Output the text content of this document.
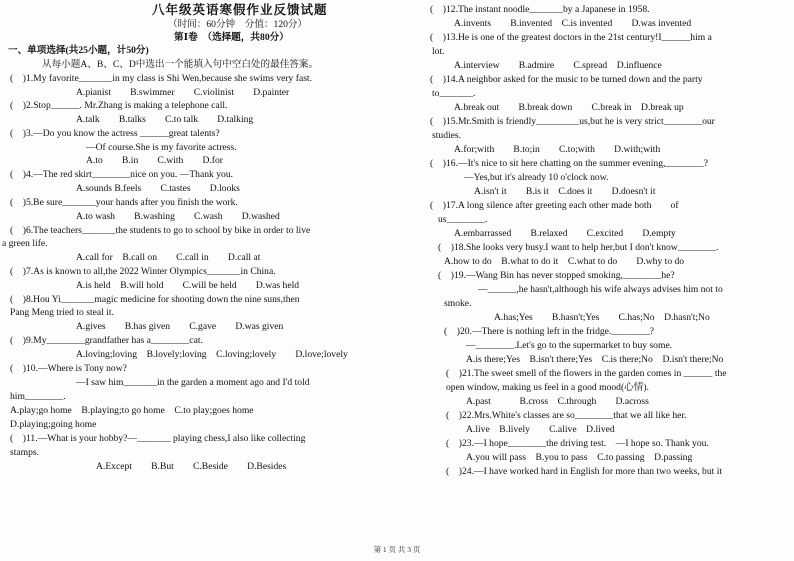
八年级英语寒假作业反馈试题
（时间：60分钟　分值：120分）
第Ⅰ卷　（选择题，共80分）
一、单项选择(共25小题，计50分)
从每小题A、B、C、D中选出一个能填入句中空白处的最佳答案。
(　)1.My favorite_______in my class is Shi Wen,because she swims very fast.
A.pianist　　B.swimmer　　C.violinist　　D.painter
(　)2.Stop______. Mr.Zhang is making a telephone call.
A.talk　　B.talks　　C.to talk　　D.talking
(　)3.—Do you know the actress ______great talents?
—Of course.She is my favorite actress.
A.to　　B.in　　C.with　　D.for
(　)4.—The red skirt________nice on you. —Thank you.
A.sounds B.feels　　C.tastes　　D.looks
(　)5.Be sure_______your hands after you finish the work.
A.to wash　　B.washing　　C.wash　　D.washed
(　)6.The teachers_______the students to go to school by bike in order to live
a green life.
A.call for　B.call on　　C.call in　　D.call at
(　)7.As is known to all,the 2022 Winter Olympics_______in China.
A.is held　B.will hold　　C.will be held　　D.was held
(　)8.Hou Yi_______magic medicine for shooting down the nine suns,then
Pang Meng tried to steal it.
A.gives　　B.has given　　C.gave　　D.was given
(　)9.My________grandfather has a________cat.
A.loving;loving　B.lovely;loving　C.loving;lovely　　D.love;lovely
(　)10.—Where is Tony now?
—I saw him_______in the garden a moment ago and I'd told
him________.
A.play;go home　B.playing;to go home　C.to play;goes home
D.playing;going home
(　)11.—What is your hobby?—_______ playing chess,I also like collecting
stamps.
A.Except　　B.But　　C.Beside　　D.Besides
(　)12.The instant noodle_______by a Japanese in 1958.
A.invents　　B.invented　C.is invented　　D.was invented
(　)13.He is one of the greatest doctors in the 21st century!I______him a
lot.
A.interview　　B.admire　　C.spread　D.influence
(　)14.A neighbor asked for the music to be turned down and the party
to_______.
A.break out　　B.break down　　C.break in　D.break up
(　)15.Mr.Smith is friendly_________us,but he is very strict________our
studies.
A.for;with　　B.to;in　　C.to;with　　D.with;with
(　)16.—It's nice to sit here chatting on the summer evening,________?
—Yes,but it's already 10 o'clock now.
A.isn't it　　B.is it　C.does it　　D.doesn't it
(　)17.A long silence after greeting each other made both　　of
us________.
A.embarrassed　　B.relaxed　　C.excited　　D.empty
(　)18.She looks very busy.I want to help her,but I don't know________.
A.how to do　B.what to do it　C.what to do　　D.why to do
(　)19.—Wang Bin has never stopped smoking,________he?
—______,he hasn't,although his wife always advises him not to
smoke.
A.has;Yes　　B.hasn't;Yes　　C.has;No　D.hasn't;No
(　)20.—There is nothing left in the fridge.________?
—________.Let's go to the supermarket to buy some.
A.is there;Yes　B.isn't there;Yes　C.is there;No　D.isn't there;No
(　)21.The sweet smell of the flowers in the garden comes in ______ the
open window, making us feel in a good mood(心情).
A.past　　　B.cross　C.through　　D.across
(　)22.Mrs.White's classes are so________that we all like her.
A.live　B.lively　　C.alive　D.lived
(　)23.—I hope________the driving test.　—I hope so. Thank you.
A.you will pass　B.you to pass　C.to passing　D.passing
(　)24.—I have worked hard in English for more than two weeks, but it
第 1 页 共 3 页
